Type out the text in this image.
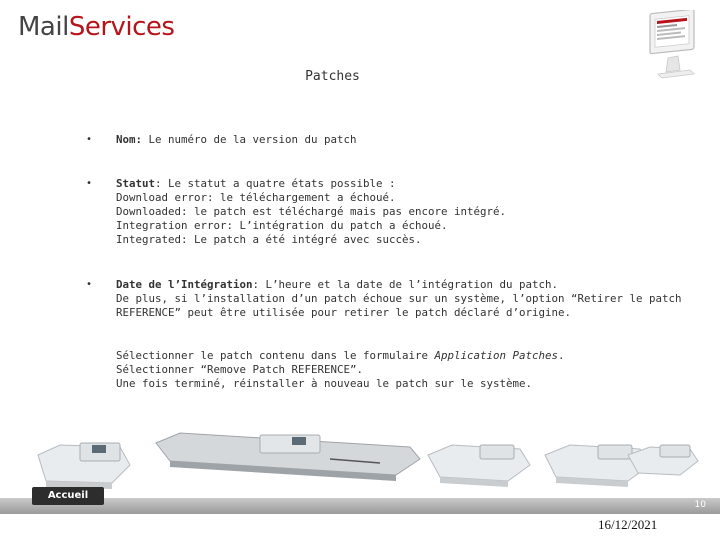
MailServices
Patches
• Nom: Le numéro de la version du patch
• Statut: Le statut a quatre états possible :
Download error: le téléchargement a échoué.
Downloaded: le patch est téléchargé mais pas encore intégré.
Integration error: L’intégration du patch a échoué.
Integrated: Le patch a été intégré avec succès.
• Date de l’Intégration: L’heure et la date de l’intégration du patch.
De plus, si l’installation d’un patch échoue sur un système, l’option “Retirer le patch
REFERENCE” peut être utilisée pour retirer le patch déclaré d’origine.
Sélectionner le patch contenu dans le formulaire Application Patches.
Sélectionner “Remove Patch REFERENCE”.
Une fois terminé, réinstaller à nouveau le patch sur le système.
Accueil
10
16/12/2021
